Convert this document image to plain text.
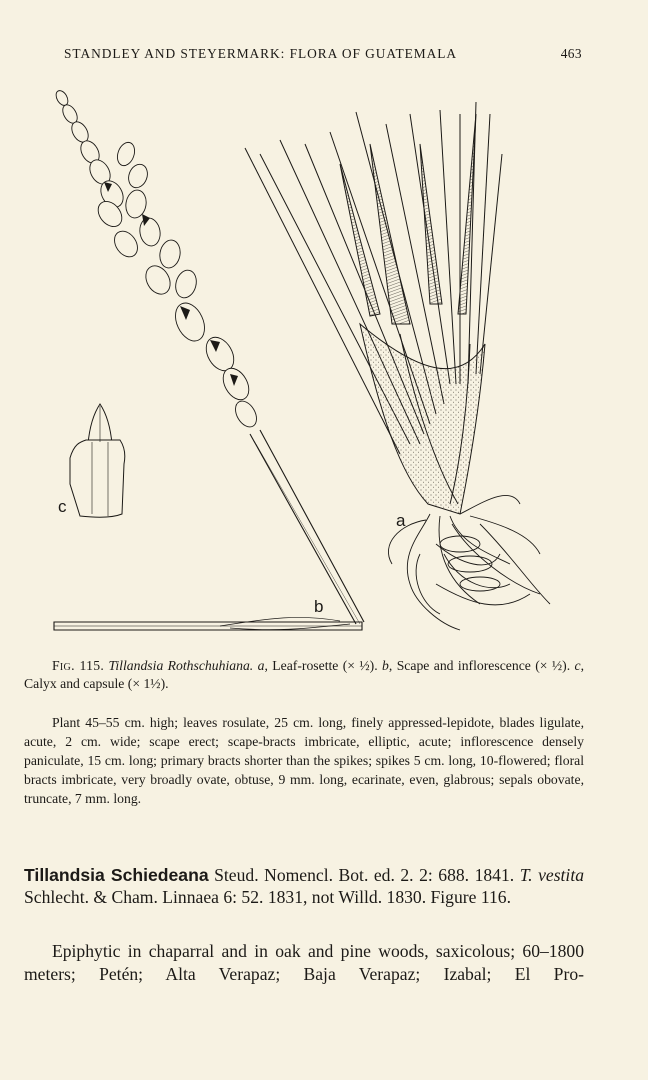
STANDLEY AND STEYERMARK: FLORA OF GUATEMALA	463
c
a
b
Fig. 115. Tillandsia Rothschuhiana. a, Leaf-rosette (× ½). b, Scape and inflorescence (× ½). c, Calyx and capsule (× 1½).
Plant 45–55 cm. high; leaves rosulate, 25 cm. long, finely appressed-lepidote, blades ligulate, acute, 2 cm. wide; scape erect; scape-bracts imbricate, elliptic, acute; inflorescence densely paniculate, 15 cm. long; primary bracts shorter than the spikes; spikes 5 cm. long, 10-flowered; floral bracts imbricate, very broadly ovate, obtuse, 9 mm. long, ecarinate, even, glabrous; sepals obovate, truncate, 7 mm. long.
Tillandsia Schiedeana Steud. Nomencl. Bot. ed. 2. 2: 688. 1841. T. vestita Schlecht. & Cham. Linnaea 6: 52. 1831, not Willd. 1830. Figure 116.
Epiphytic in chaparral and in oak and pine woods, saxicolous; 60–1800 meters; Petén; Alta Verapaz; Baja Verapaz; Izabal; El Pro-
